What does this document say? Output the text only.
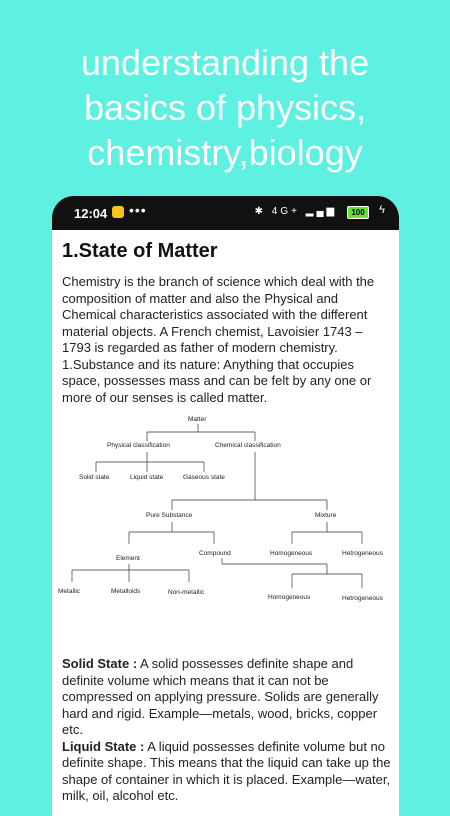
understanding the
basics of physics,
chemistry,biology
12:04 ⚡ •••	✱ 4G+ ▂▄▆	100	ϟ
1.State of Matter
Chemistry is the branch of science which deal with the composition of matter and also the Physical and Chemical characteristics associated with the different material objects. A French chemist, Lavoisier 1743 – 1793 is regarded as father of modern chemistry. 1.Substance and its nature: Anything that occupies space, possesses mass and can be felt by any one or more of our senses is called matter.
Matter
Physical classification	Chemical classification
Solid state	Liquid state	Gaseous state
Pure Substance	Mixture
Element
Compound
Metallic	Metalloids	Non-metallic
Homogeneous	Hetrogeneous
Homogeneous	Hetrogeneous
Solid State : A solid possesses definite shape and definite volume which means that it can not be compressed on applying pressure. Solids are generally hard and rigid. Example—metals, wood, bricks, copper etc.
Liquid State : A liquid possesses definite volume but no definite shape. This means that the liquid can take up the shape of container in which it is placed. Example—water, milk, oil, alcohol etc.
